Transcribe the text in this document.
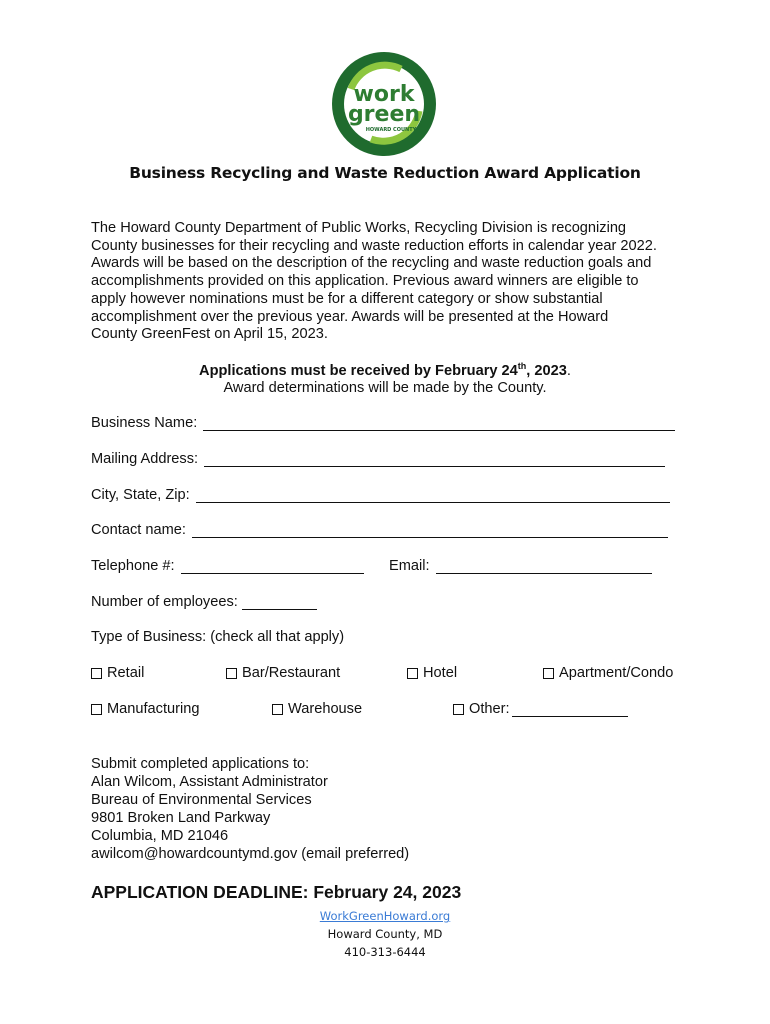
work
green
HOWARD COUNTY
Business Recycling and Waste Reduction Award Application
The Howard County Department of Public Works, Recycling Division is recognizing
County businesses for their recycling and waste reduction efforts in calendar year 2022.
Awards will be based on the description of the recycling and waste reduction goals and
accomplishments provided on this application. Previous award winners are eligible to
apply however nominations must be for a different category or show substantial
accomplishment over the previous year. Awards will be presented at the Howard
County GreenFest on April 15, 2023.
Applications must be received by February 24th, 2023.
Award determinations will be made by the County.
Business Name:
Mailing Address:
City, State, Zip:
Contact name:
Telephone #:	Email:
Number of employees:
Type of Business: (check all that apply)
Retail	Bar/Restaurant	Hotel	Apartment/Condo
Manufacturing	Warehouse	Other:
Submit completed applications to:
Alan Wilcom, Assistant Administrator
Bureau of Environmental Services
9801 Broken Land Parkway
Columbia, MD 21046
awilcom@howardcountymd.gov (email preferred)
APPLICATION DEADLINE: February 24, 2023
WorkGreenHoward.org
Howard County, MD
410-313-6444
